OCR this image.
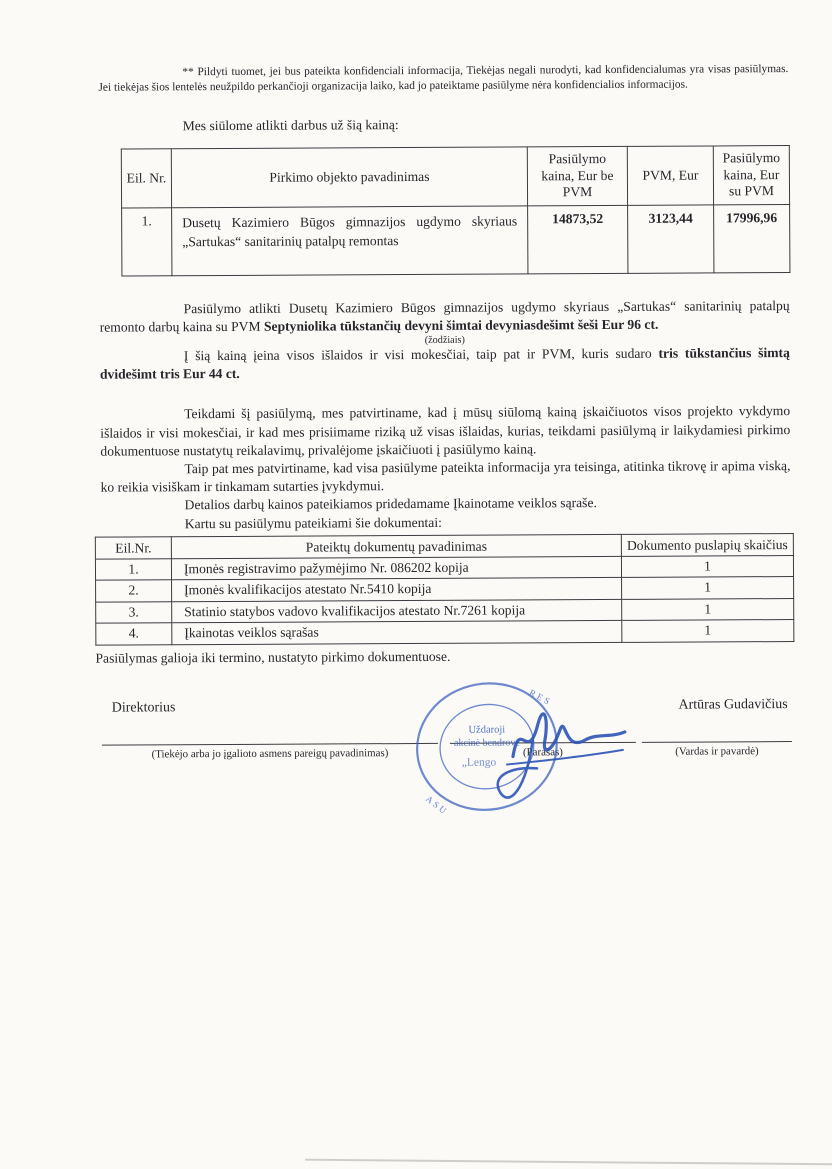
** Pildyti tuomet, jei bus pateikta konfidenciali informacija, Tiekėjas negali nurodyti, kad konfidencialumas yra visas pasiūlymas. Jei tiekėjas šios lentelės neužpildo perkančioji organizacija laiko, kad jo pateiktame pasiūlyme nėra konfidencialios informacijos.

Mes siūlome atlikti darbus už šią kainą:

Eil. Nr.	Pirkimo objekto pavadinimas	Pasiūlymo kaina, Eur be PVM	PVM, Eur	Pasiūlymo kaina, Eur su PVM
1.	Dusetų Kazimiero Būgos gimnazijos ugdymo skyriaus „Sartukas“ sanitarinių patalpų remontas	14873,52	3123,44	17996,96

Pasiūlymo atlikti Dusetų Kazimiero Būgos gimnazijos ugdymo skyriaus „Sartukas“ sanitarinių patalpų remonto darbų kaina su PVM Septyniolika tūkstančių devyni šimtai devyniasdešimt šeši Eur 96 ct.

(žodžiais)

Į šią kainą įeina visos išlaidos ir visi mokesčiai, taip pat ir PVM, kuris sudaro tris tūkstančius šimtą dvidešimt tris Eur 44 ct.

Teikdami šį pasiūlymą, mes patvirtiname, kad į mūsų siūlomą kainą įskaičiuotos visos projekto vykdymo išlaidos ir visi mokesčiai, ir kad mes prisiimame riziką už visas išlaidas, kurias, teikdami pasiūlymą ir laikydamiesi pirkimo dokumentuose nustatytų reikalavimų, privalėjome įskaičiuoti į pasiūlymo kainą.

Taip pat mes patvirtiname, kad visa pasiūlyme pateikta informacija yra teisinga, atitinka tikrovę ir apima viską, ko reikia visiškam ir tinkamam sutarties įvykdymui.

Detalios darbų kainos pateikiamos pridedamame Įkainotame veiklos sąraše.

Kartu su pasiūlymu pateikiami šie dokumentai:

Eil.Nr.	Pateiktų dokumentų pavadinimas	Dokumento puslapių skaičius
1.	Įmonės registravimo pažymėjimo Nr. 086202 kopija	1
2.	Įmonės kvalifikacijos atestato Nr.5410 kopija	1
3.	Statinio statybos vadovo kvalifikacijos atestato Nr.7261 kopija	1
4.	Įkainotas veiklos sąrašas	1

Pasiūlymas galioja iki termino, nustatyto pirkimo dokumentuose.

Direktorius	Artūras Gudavičius
(Tiekėjo arba jo įgalioto asmens pareigų pavadinimas)	(Parašas)	(Vardas ir pavardė)
RES
ASU
Uždaroji
akcinė bendrovė
„Lengo
